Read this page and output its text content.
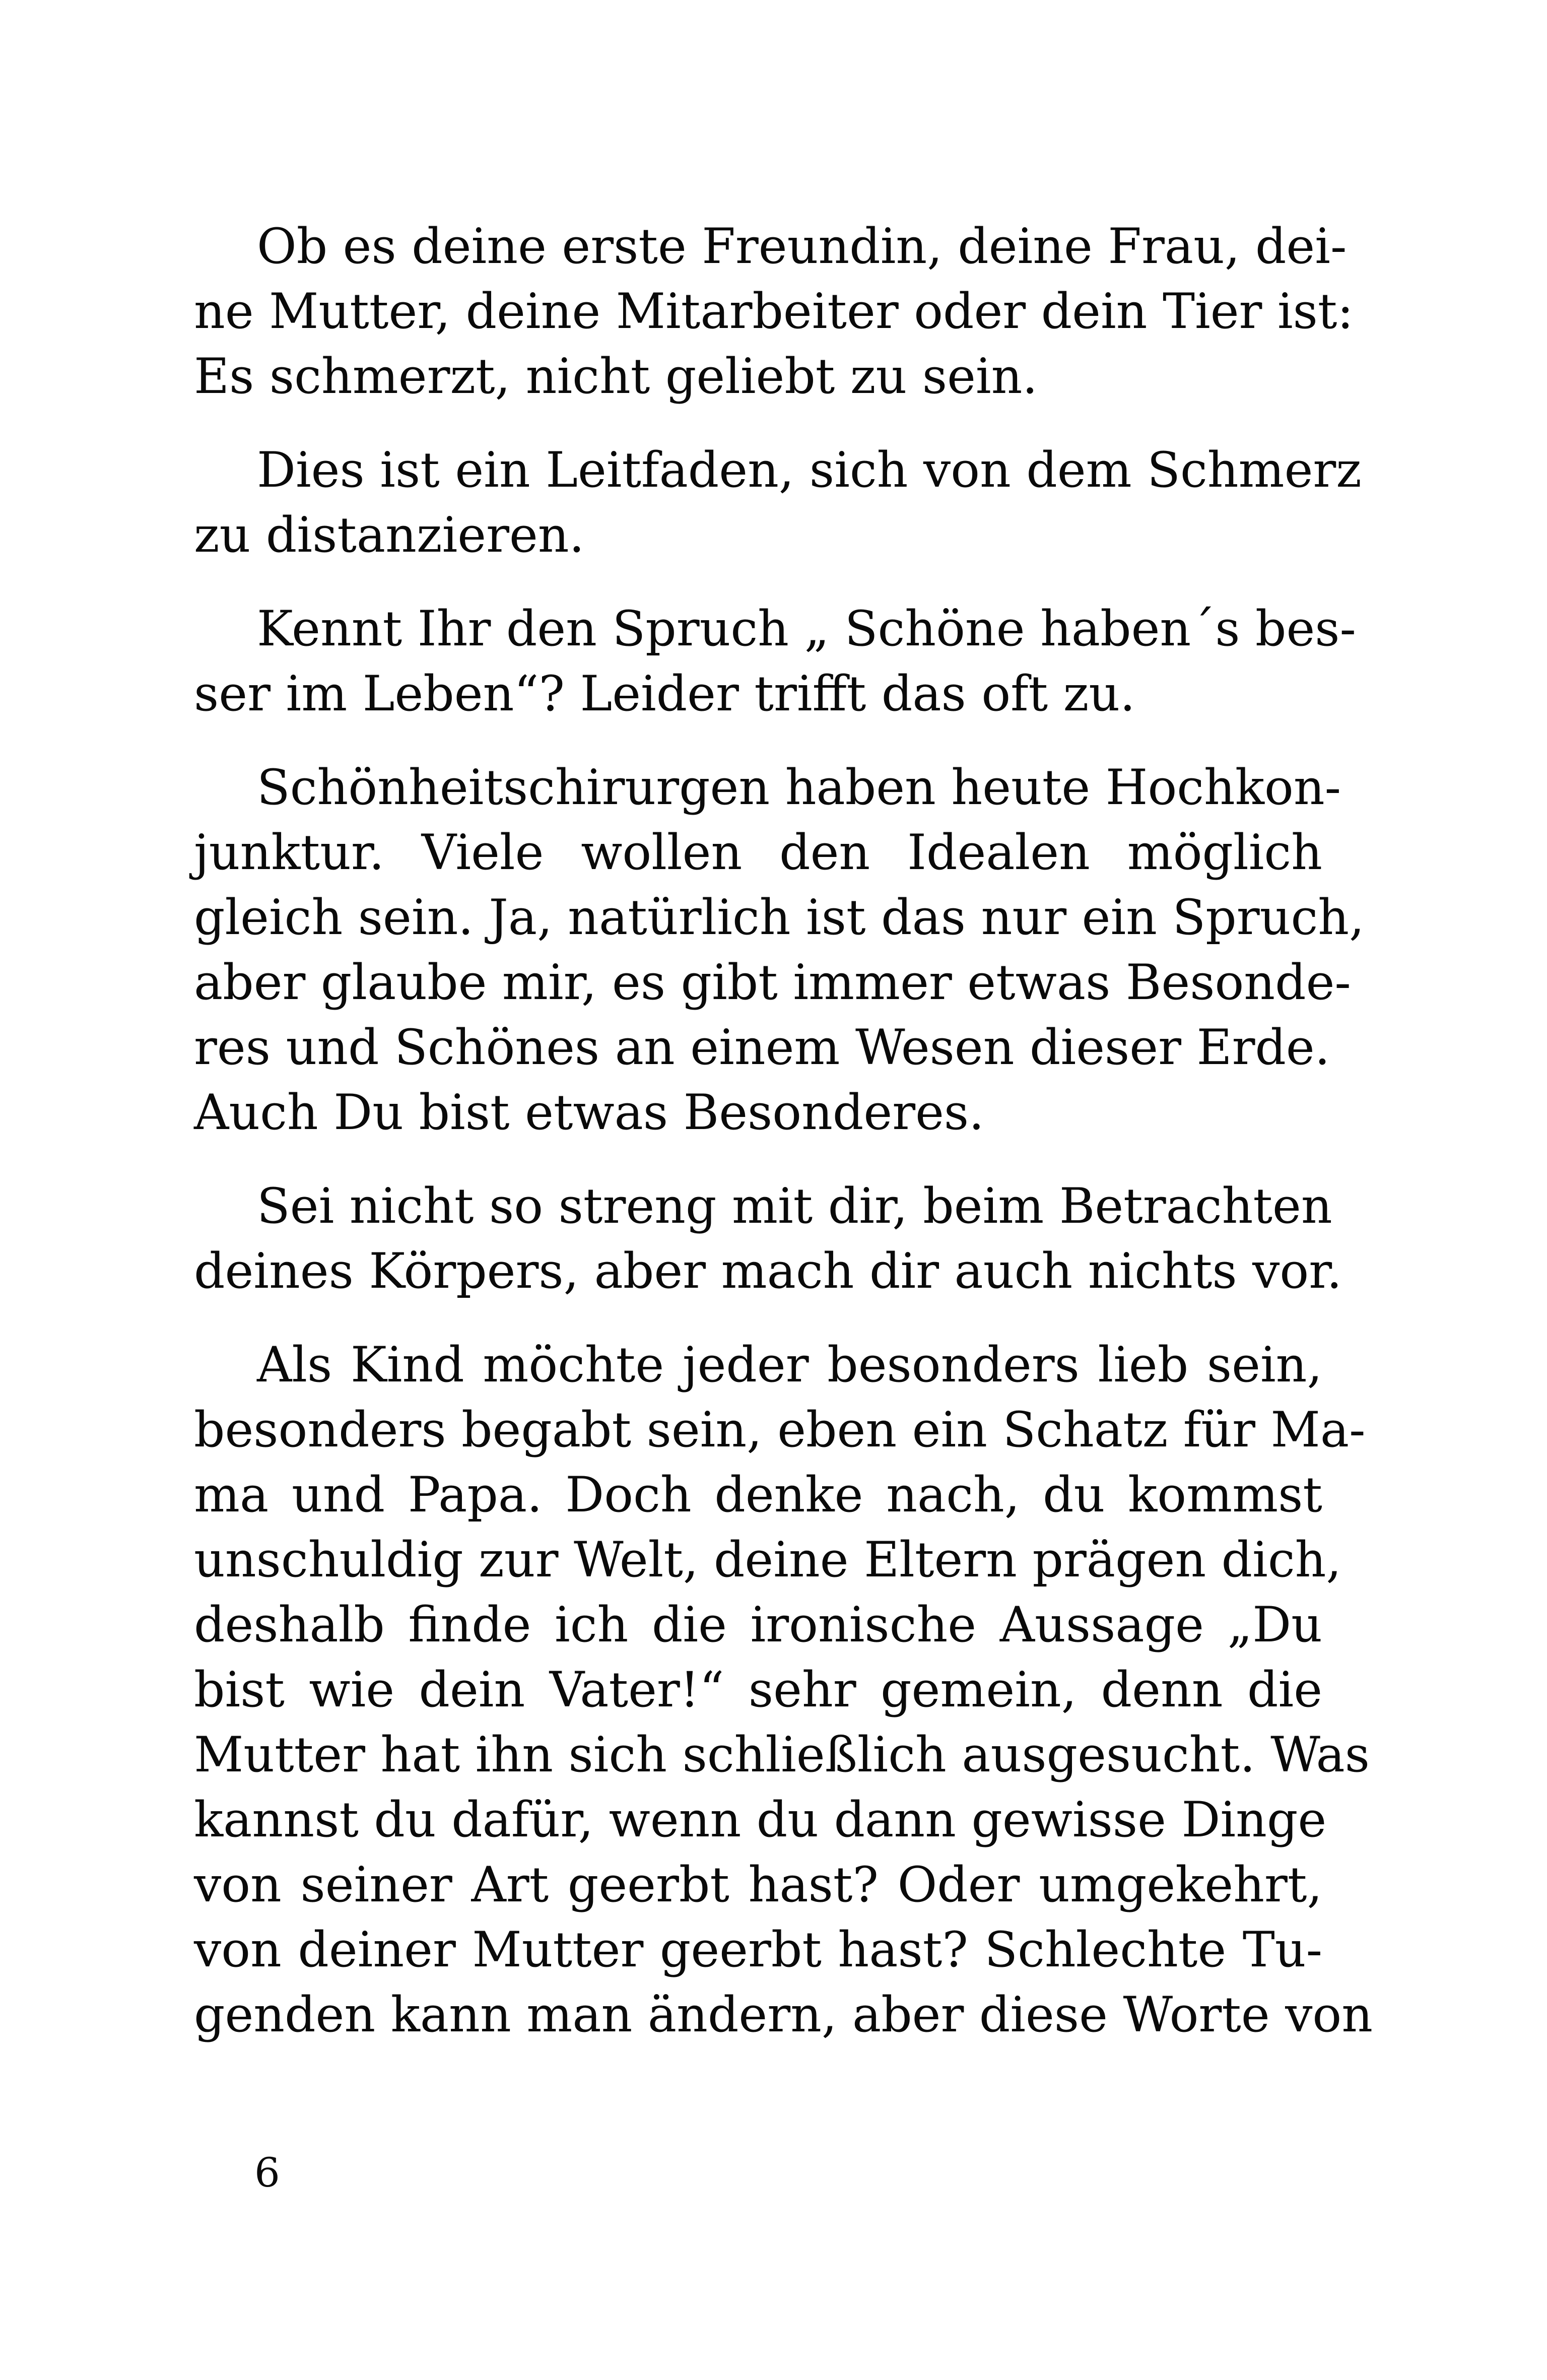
Ob es deine erste Freundin, deine Frau, dei-
ne Mutter, deine Mitarbeiter oder dein Tier ist:
Es schmerzt, nicht geliebt zu sein.
Dies ist ein Leitfaden, sich von dem Schmerz
zu distanzieren.
Kennt Ihr den Spruch „ Schöne haben´s bes-
ser im Leben“? Leider trifft das oft zu.
Schönheitschirurgen haben heute Hochkon-
junktur. Viele wollen den Idealen möglich
gleich sein. Ja, natürlich ist das nur ein Spruch,
aber glaube mir, es gibt immer etwas Besonde-
res und Schönes an einem Wesen dieser Erde.
Auch Du bist etwas Besonderes.
Sei nicht so streng mit dir, beim Betrachten
deines Körpers, aber mach dir auch nichts vor.
Als Kind möchte jeder besonders lieb sein,
besonders begabt sein, eben ein Schatz für Ma-
ma und Papa. Doch denke nach, du kommst
unschuldig zur Welt, deine Eltern prägen dich,
deshalb finde ich die ironische Aussage „Du
bist wie dein Vater!“ sehr gemein, denn die
Mutter hat ihn sich schließlich ausgesucht. Was
kannst du dafür, wenn du dann gewisse Dinge
von seiner Art geerbt hast? Oder umgekehrt,
von deiner Mutter geerbt hast? Schlechte Tu-
genden kann man ändern, aber diese Worte von
6
